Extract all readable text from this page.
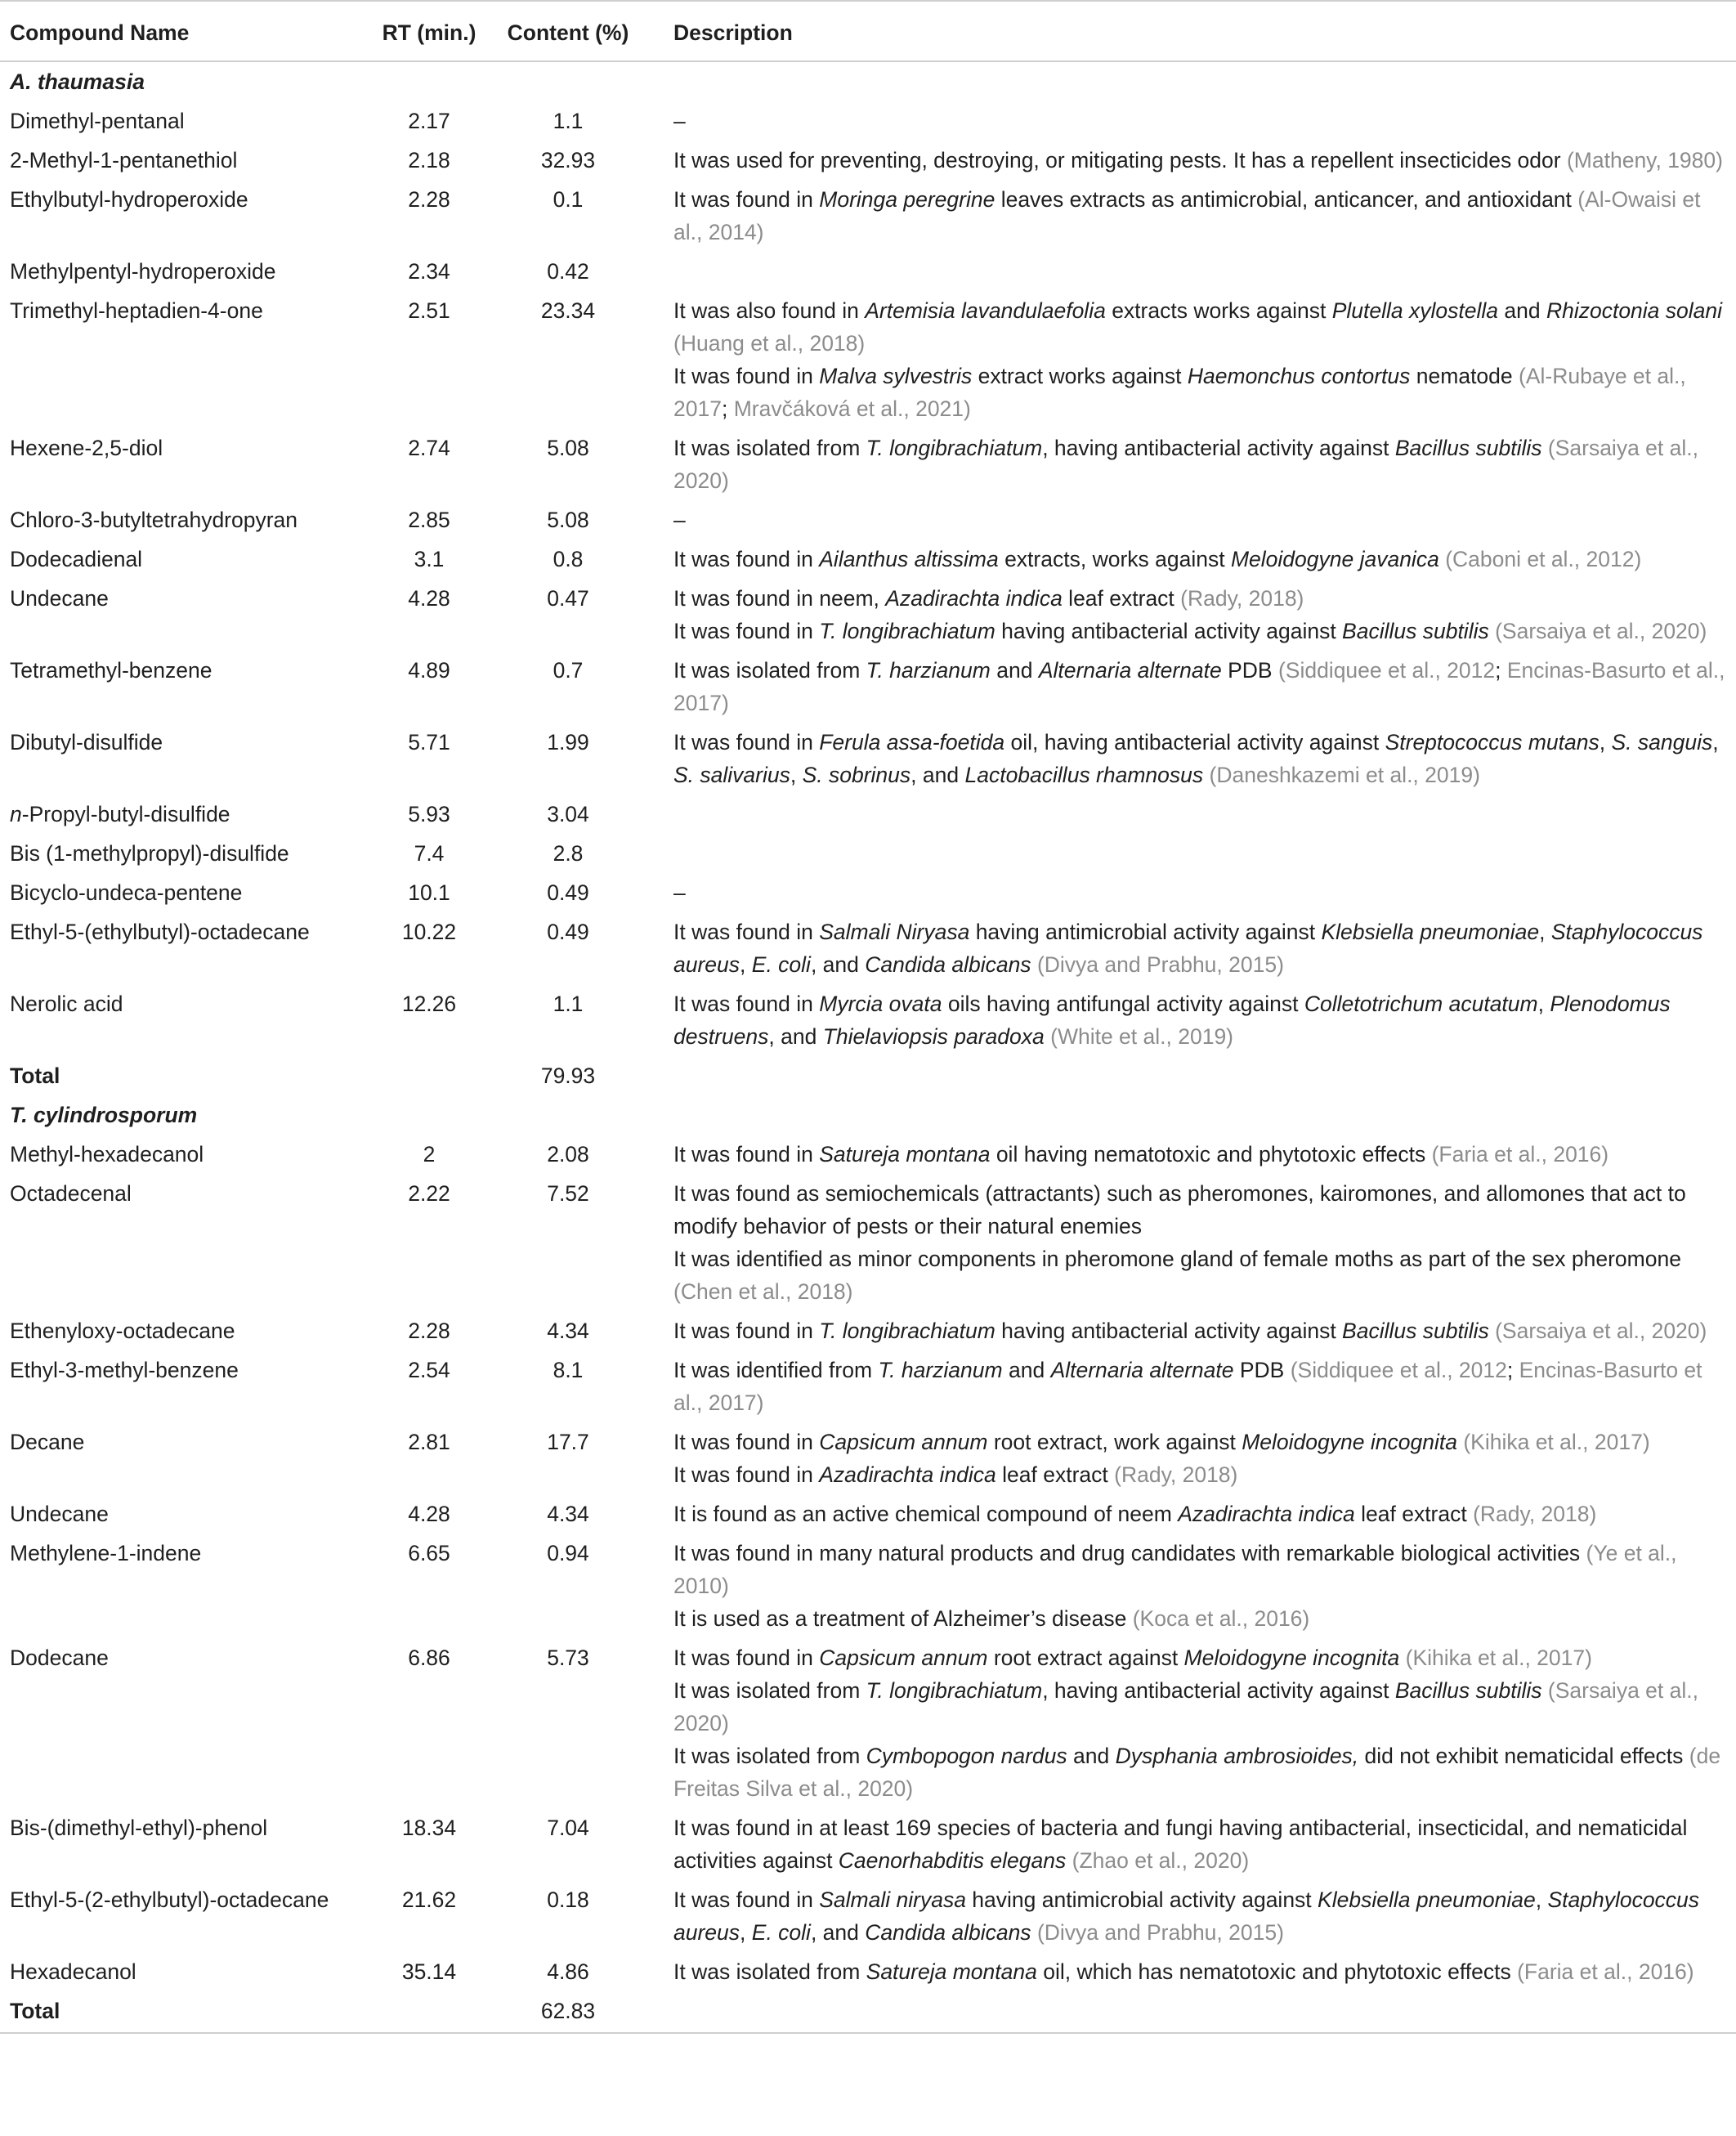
Compound Name	RT (min.)	Content (%)	Description
A. thaumasia			
Dimethyl-pentanal	2.17	1.1	–

2-Methyl-1-pentanethiol	2.18	32.93	It was used for preventing, destroying, or mitigating pests. It has a repellent insecticides odor (Matheny, 1980)

Ethylbutyl-hydroperoxide	2.28	0.1	It was found in Moringa peregrine leaves extracts as antimicrobial, anticancer, and antioxidant (Al-Owaisi et al., 2014)

Methylpentyl-hydroperoxide	2.34	0.42	
Trimethyl-heptadien-4-one	2.51	23.34	It was also found in Artemisia lavandulaefolia extracts works against Plutella xylostella and Rhizoctonia solani (Huang et al., 2018)
It was found in Malva sylvestris extract works against Haemonchus contortus nematode (Al-Rubaye et al., 2017; Mravčáková et al., 2021)

Hexene-2,5-diol	2.74	5.08	It was isolated from T. longibrachiatum, having antibacterial activity against Bacillus subtilis (Sarsaiya et al., 2020)

Chloro-3-butyltetrahydropyran	2.85	5.08	–

Dodecadienal	3.1	0.8	It was found in Ailanthus altissima extracts, works against Meloidogyne javanica (Caboni et al., 2012)

Undecane	4.28	0.47	It was found in neem, Azadirachta indica leaf extract (Rady, 2018)
It was found in T. longibrachiatum having antibacterial activity against Bacillus subtilis (Sarsaiya et al., 2020)

Tetramethyl-benzene	4.89	0.7	It was isolated from T. harzianum and Alternaria alternate PDB (Siddiquee et al., 2012; Encinas-Basurto et al., 2017)

Dibutyl-disulfide	5.71	1.99	It was found in Ferula assa-foetida oil, having antibacterial activity against Streptococcus mutans, S. sanguis, S. salivarius, S. sobrinus, and Lactobacillus rhamnosus (Daneshkazemi et al., 2019)

n-Propyl-butyl-disulfide	5.93	3.04	
Bis (1-methylpropyl)-disulfide	7.4	2.8	
Bicyclo-undeca-pentene	10.1	0.49	–

Ethyl-5-(ethylbutyl)-octadecane	10.22	0.49	It was found in Salmali Niryasa having antimicrobial activity against Klebsiella pneumoniae, Staphylococcus aureus, E. coli, and Candida albicans (Divya and Prabhu, 2015)

Nerolic acid	12.26	1.1	It was found in Myrcia ovata oils having antifungal activity against Colletotrichum acutatum, Plenodomus destruens, and Thielaviopsis paradoxa (White et al., 2019)

Total		79.93	
T. cylindrosporum			
Methyl-hexadecanol	2	2.08	It was found in Satureja montana oil having nematotoxic and phytotoxic effects (Faria et al., 2016)

Octadecenal	2.22	7.52	It was found as semiochemicals (attractants) such as pheromones, kairomones, and allomones that act to modify behavior of pests or their natural enemies
It was identified as minor components in pheromone gland of female moths as part of the sex pheromone (Chen et al., 2018)

Ethenyloxy-octadecane	2.28	4.34	It was found in T. longibrachiatum having antibacterial activity against Bacillus subtilis (Sarsaiya et al., 2020)

Ethyl-3-methyl-benzene	2.54	8.1	It was identified from T. harzianum and Alternaria alternate PDB (Siddiquee et al., 2012; Encinas-Basurto et al., 2017)

Decane	2.81	17.7	It was found in Capsicum annum root extract, work against Meloidogyne incognita (Kihika et al., 2017)
It was found in Azadirachta indica leaf extract (Rady, 2018)

Undecane	4.28	4.34	It is found as an active chemical compound of neem Azadirachta indica leaf extract (Rady, 2018)

Methylene-1-indene	6.65	0.94	It was found in many natural products and drug candidates with remarkable biological activities (Ye et al., 2010)
It is used as a treatment of Alzheimer’s disease (Koca et al., 2016)

Dodecane	6.86	5.73	It was found in Capsicum annum root extract against Meloidogyne incognita (Kihika et al., 2017)
It was isolated from T. longibrachiatum, having antibacterial activity against Bacillus subtilis (Sarsaiya et al., 2020)
It was isolated from Cymbopogon nardus and Dysphania ambrosioides, did not exhibit nematicidal effects (de Freitas Silva et al., 2020)

Bis-(dimethyl-ethyl)-phenol	18.34	7.04	It was found in at least 169 species of bacteria and fungi having antibacterial, insecticidal, and nematicidal activities against Caenorhabditis elegans (Zhao et al., 2020)

Ethyl-5-(2-ethylbutyl)-octadecane	21.62	0.18	It was found in Salmali niryasa having antimicrobial activity against Klebsiella pneumoniae, Staphylococcus aureus, E. coli, and Candida albicans (Divya and Prabhu, 2015)

Hexadecanol	35.14	4.86	It was isolated from Satureja montana oil, which has nematotoxic and phytotoxic effects (Faria et al., 2016)

Total		62.83	
